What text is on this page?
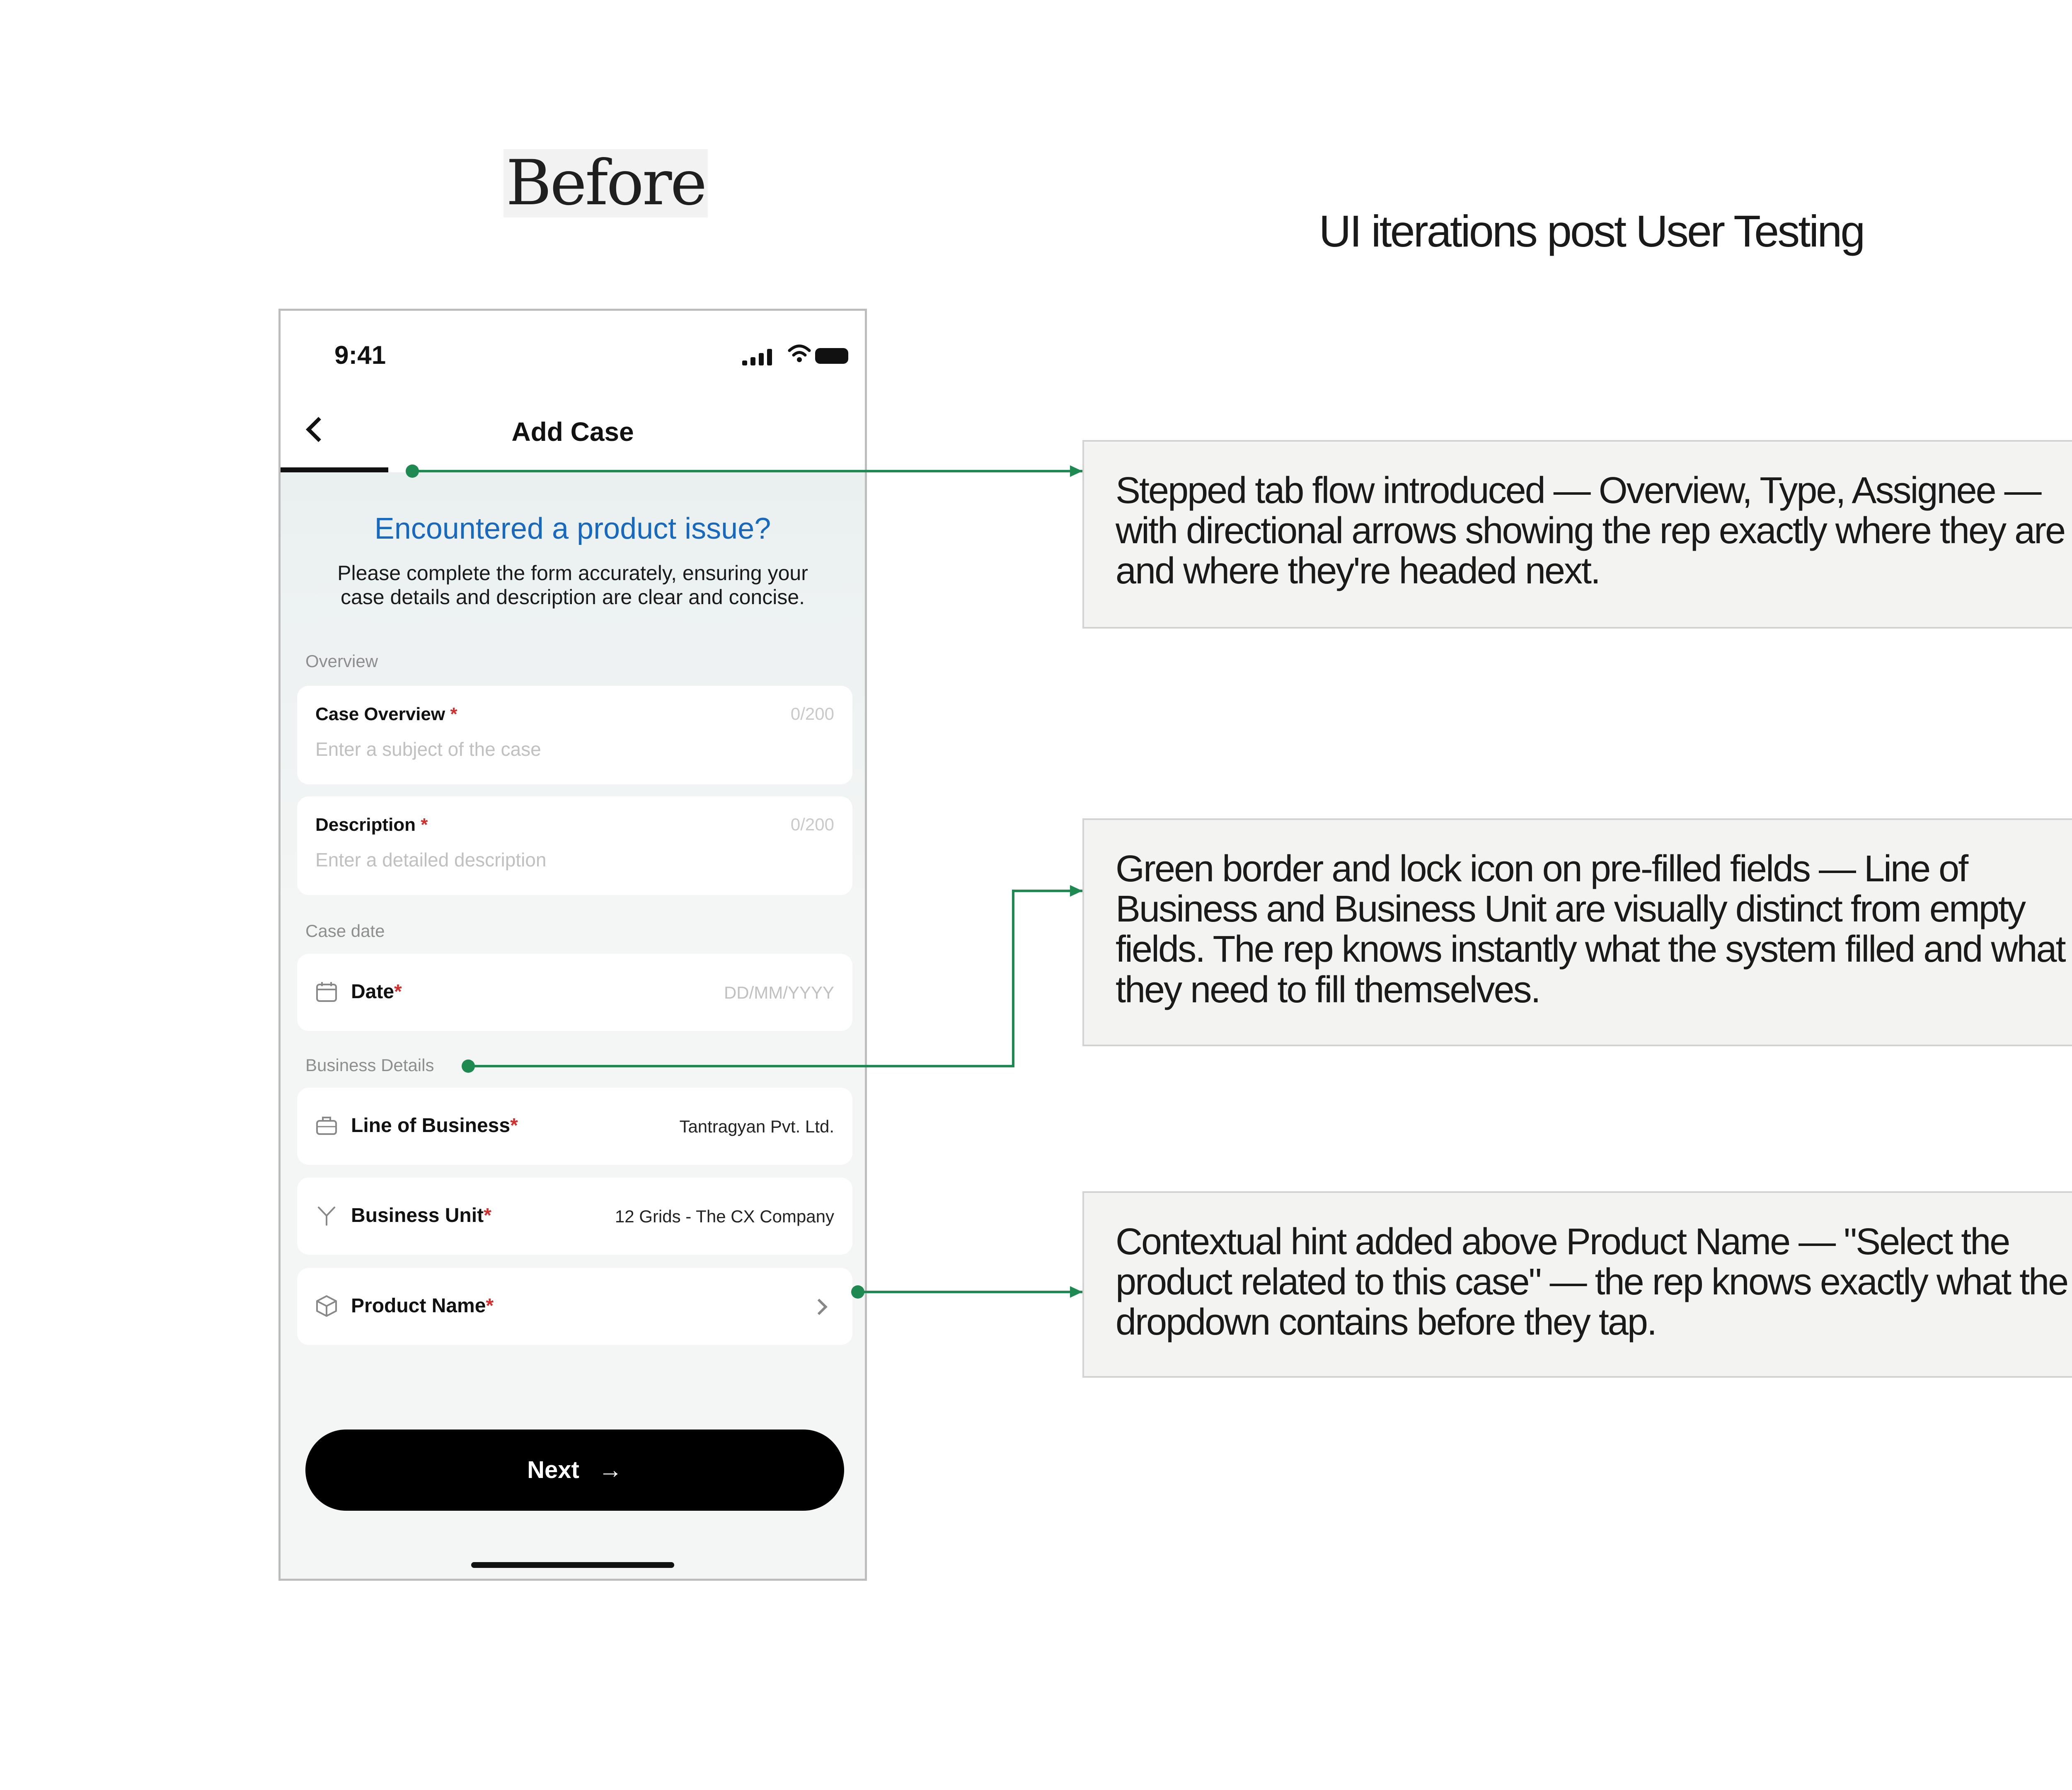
Before
UI iterations post User Testing
9:41
Add Case
Encountered a product issue?
Please complete the form accurately, ensuring your case details and description are clear and concise.
Overview
Case Overview *	0/200
Enter a subject of the case
Description *	0/200
Enter a detailed description
Case date
Date*	DD/MM/YYYY
Business Details
Line of Business*	Tantragyan Pvt. Ltd.
Business Unit*	12 Grids - The CX Company
Product Name*
Next →
Stepped tab flow introduced — Overview, Type, Assignee — with directional arrows showing the rep exactly where they are and where they're headed next.
Green border and lock icon on pre-filled fields — Line of Business and Business Unit are visually distinct from empty fields. The rep knows instantly what the system filled and what they need to fill themselves.
Contextual hint added above Product Name — "Select the product related to this case" — the rep knows exactly what the dropdown contains before they tap.
